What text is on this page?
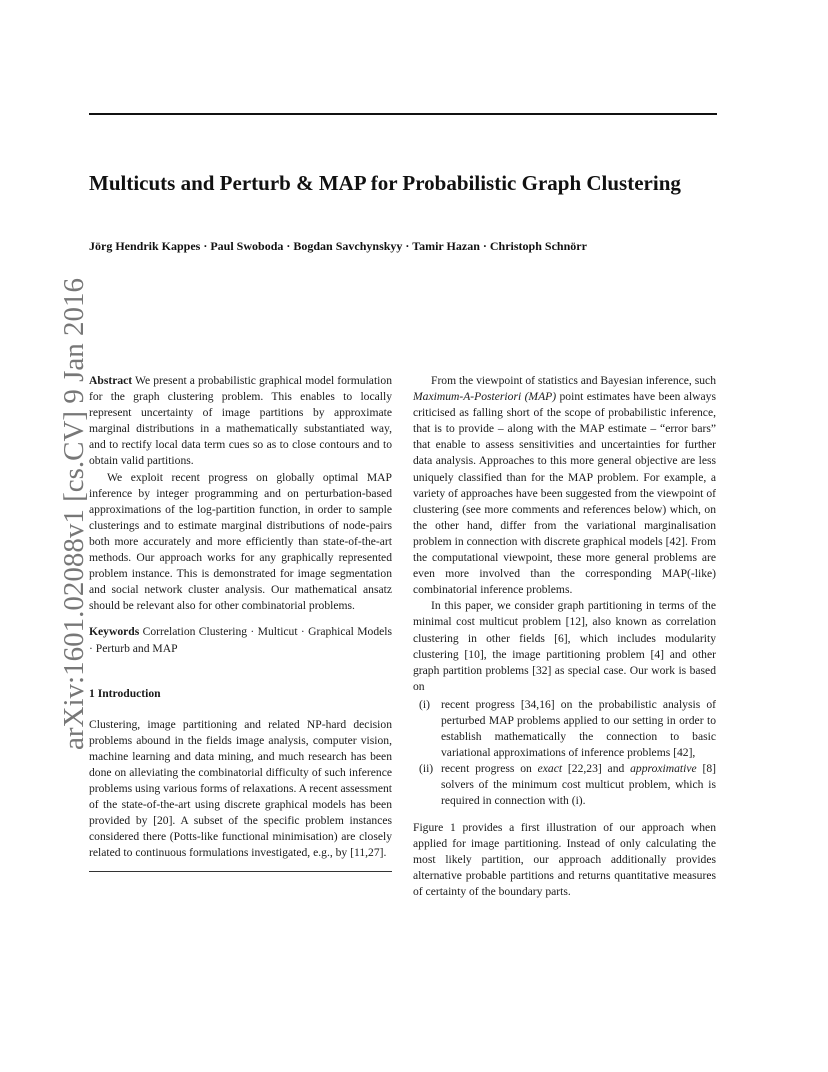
Multicuts and Perturb & MAP for Probabilistic Graph Clustering
Jörg Hendrik Kappes · Paul Swoboda · Bogdan Savchynskyy · Tamir Hazan · Christoph Schnörr
arXiv:1601.02088v1 [cs.CV] 9 Jan 2016 Abstract We present a probabilistic graphical model formulation for the graph clustering problem. This enables to locally represent uncertainty of image partitions by approximate marginal distributions in a mathematically substantiated way, and to rectify local data term cues so as to close contours and to obtain valid partitions.

We exploit recent progress on globally optimal MAP inference by integer programming and on perturbation-based approximations of the log-partition function, in order to sample clusterings and to estimate marginal distributions of node-pairs both more accurately and more efficiently than state-of-the-art methods. Our approach works for any graphically represented problem instance. This is demonstrated for image segmentation and social network cluster analysis. Our mathematical ansatz should be relevant also for other combinatorial problems.

Keywords Correlation Clustering · Multicut · Graphical Models · Perturb and MAP

1 Introduction

Clustering, image partitioning and related NP-hard decision problems abound in the fields image analysis, computer vision, machine learning and data mining, and much research has been done on alleviating the combinatorial difficulty of such inference problems using various forms of relaxations. A recent assessment of the state-of-the-art using discrete graphical models has been provided by [20]. A subset of the specific problem instances considered there (Potts-like functional minimisation) are closely related to continuous formulations investigated, e.g., by [11,27].

From the viewpoint of statistics and Bayesian inference, such Maximum-A-Posteriori (MAP) point estimates have been always criticised as falling short of the scope of probabilistic inference, that is to provide – along with the MAP estimate – “error bars” that enable to assess sensitivities and uncertainties for further data analysis. Approaches to this more general objective are less uniquely classified than for the MAP problem. For example, a variety of approaches have been suggested from the viewpoint of clustering (see more comments and references below) which, on the other hand, differ from the variational marginalisation problem in connection with discrete graphical models [42]. From the computational viewpoint, these more general problems are even more involved than the corresponding MAP(-like) combinatorial inference problems.

In this paper, we consider graph partitioning in terms of the minimal cost multicut problem [12], also known as correlation clustering in other fields [6], which includes modularity clustering [10], the image partitioning problem [4] and other graph partition problems [32] as special case. Our work is based on

(i) recent progress [34,16] on the probabilistic analysis of perturbed MAP problems applied to our setting in order to establish mathematically the connection to basic variational approximations of inference problems [42],
(ii) recent progress on exact [22,23] and approximative [8] solvers of the minimum cost multicut problem, which is required in connection with (i).

Figure 1 provides a first illustration of our approach when applied for image partitioning. Instead of only calculating the most likely partition, our approach additionally provides alternative probable partitions and returns quantitative measures of certainty of the boundary parts.
